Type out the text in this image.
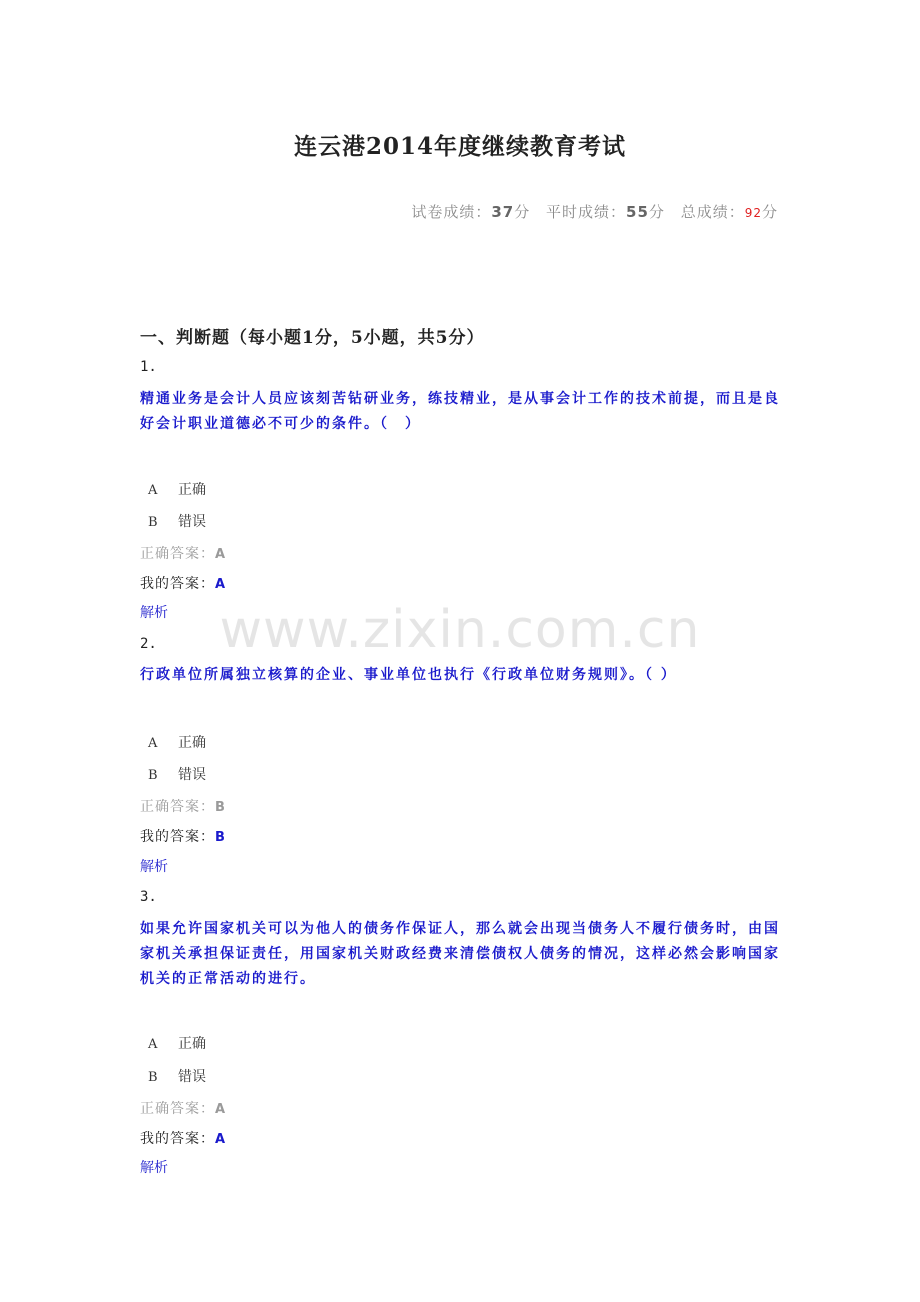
连云港2014年度继续教育考试
试卷成绩：37分 平时成绩：55分 总成绩：92分
一、判断题（每小题1分，5小题，共5分）
1.
精通业务是会计人员应该刻苦钻研业务，练技精业，是从事会计工作的技术前提，而且是良好会计职业道德必不可少的条件。（　）
A 正确
B 错误
正确答案：A
我的答案：A
解析
2.
行政单位所属独立核算的企业、事业单位也执行《行政单位财务规则》。（ ）
A 正确
B 错误
正确答案：B
我的答案：B
解析
3.
如果允许国家机关可以为他人的债务作保证人，那么就会出现当债务人不履行债务时，由国家机关承担保证责任，用国家机关财政经费来清偿债权人债务的情况，这样必然会影响国家机关的正常活动的进行。
A 正确
B 错误
正确答案：A
我的答案：A
解析
www.zixin.com.cn
